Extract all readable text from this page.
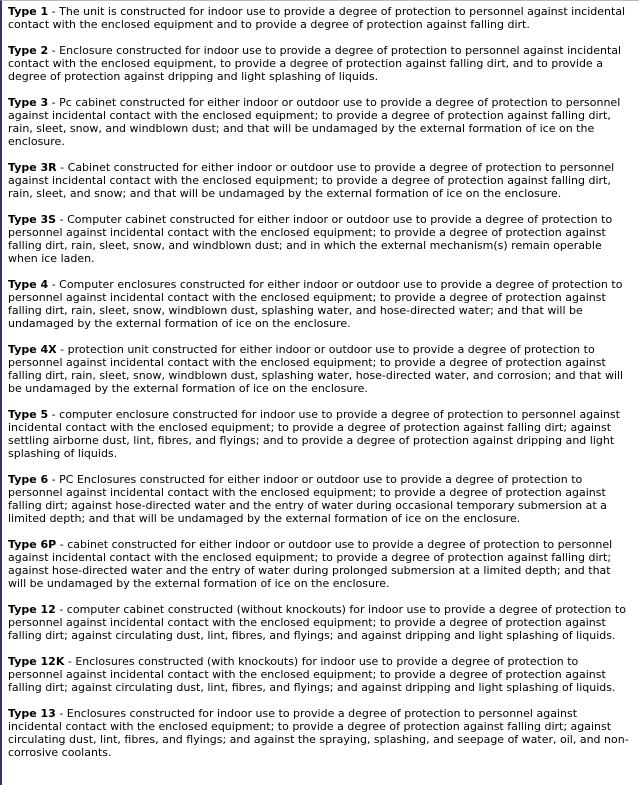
Type 1 - The unit is constructed for indoor use to provide a degree of protection to personnel against incidental contact with the enclosed equipment and to provide a degree of protection against falling dirt.

Type 2 - Enclosure constructed for indoor use to provide a degree of protection to personnel against incidental contact with the enclosed equipment, to provide a degree of protection against falling dirt, and to provide a degree of protection against dripping and light splashing of liquids.

Type 3 - Pc cabinet constructed for either indoor or outdoor use to provide a degree of protection to personnel against incidental contact with the enclosed equipment; to provide a degree of protection against falling dirt, rain, sleet, snow, and windblown dust; and that will be undamaged by the external formation of ice on the enclosure.

Type 3R - Cabinet constructed for either indoor or outdoor use to provide a degree of protection to personnel against incidental contact with the enclosed equipment; to provide a degree of protection against falling dirt, rain, sleet, and snow; and that will be undamaged by the external formation of ice on the enclosure.

Type 3S - Computer cabinet constructed for either indoor or outdoor use to provide a degree of protection to personnel against incidental contact with the enclosed equipment; to provide a degree of protection against falling dirt, rain, sleet, snow, and windblown dust; and in which the external mechanism(s) remain operable when ice laden.

Type 4 - Computer enclosures constructed for either indoor or outdoor use to provide a degree of protection to personnel against incidental contact with the enclosed equipment; to provide a degree of protection against falling dirt, rain, sleet, snow, windblown dust, splashing water, and hose-directed water; and that will be undamaged by the external formation of ice on the enclosure.

Type 4X - protection unit constructed for either indoor or outdoor use to provide a degree of protection to personnel against incidental contact with the enclosed equipment; to provide a degree of protection against falling dirt, rain, sleet, snow, windblown dust, splashing water, hose-directed water, and corrosion; and that will be undamaged by the external formation of ice on the enclosure.

Type 5 - computer enclosure constructed for indoor use to provide a degree of protection to personnel against incidental contact with the enclosed equipment; to provide a degree of protection against falling dirt; against settling airborne dust, lint, fibres, and flyings; and to provide a degree of protection against dripping and light splashing of liquids.

Type 6 - PC Enclosures constructed for either indoor or outdoor use to provide a degree of protection to personnel against incidental contact with the enclosed equipment; to provide a degree of protection against falling dirt; against hose-directed water and the entry of water during occasional temporary submersion at a limited depth; and that will be undamaged by the external formation of ice on the enclosure.

Type 6P - cabinet constructed for either indoor or outdoor use to provide a degree of protection to personnel against incidental contact with the enclosed equipment; to provide a degree of protection against falling dirt; against hose-directed water and the entry of water during prolonged submersion at a limited depth; and that will be undamaged by the external formation of ice on the enclosure.

Type 12 - computer cabinet constructed (without knockouts) for indoor use to provide a degree of protection to personnel against incidental contact with the enclosed equipment; to provide a degree of protection against falling dirt; against circulating dust, lint, fibres, and flyings; and against dripping and light splashing of liquids.

Type 12K - Enclosures constructed (with knockouts) for indoor use to provide a degree of protection to personnel against incidental contact with the enclosed equipment; to provide a degree of protection against falling dirt; against circulating dust, lint, fibres, and flyings; and against dripping and light splashing of liquids.

Type 13 - Enclosures constructed for indoor use to provide a degree of protection to personnel against incidental contact with the enclosed equipment; to provide a degree of protection against falling dirt; against circulating dust, lint, fibres, and flyings; and against the spraying, splashing, and seepage of water, oil, and non-corrosive coolants.
